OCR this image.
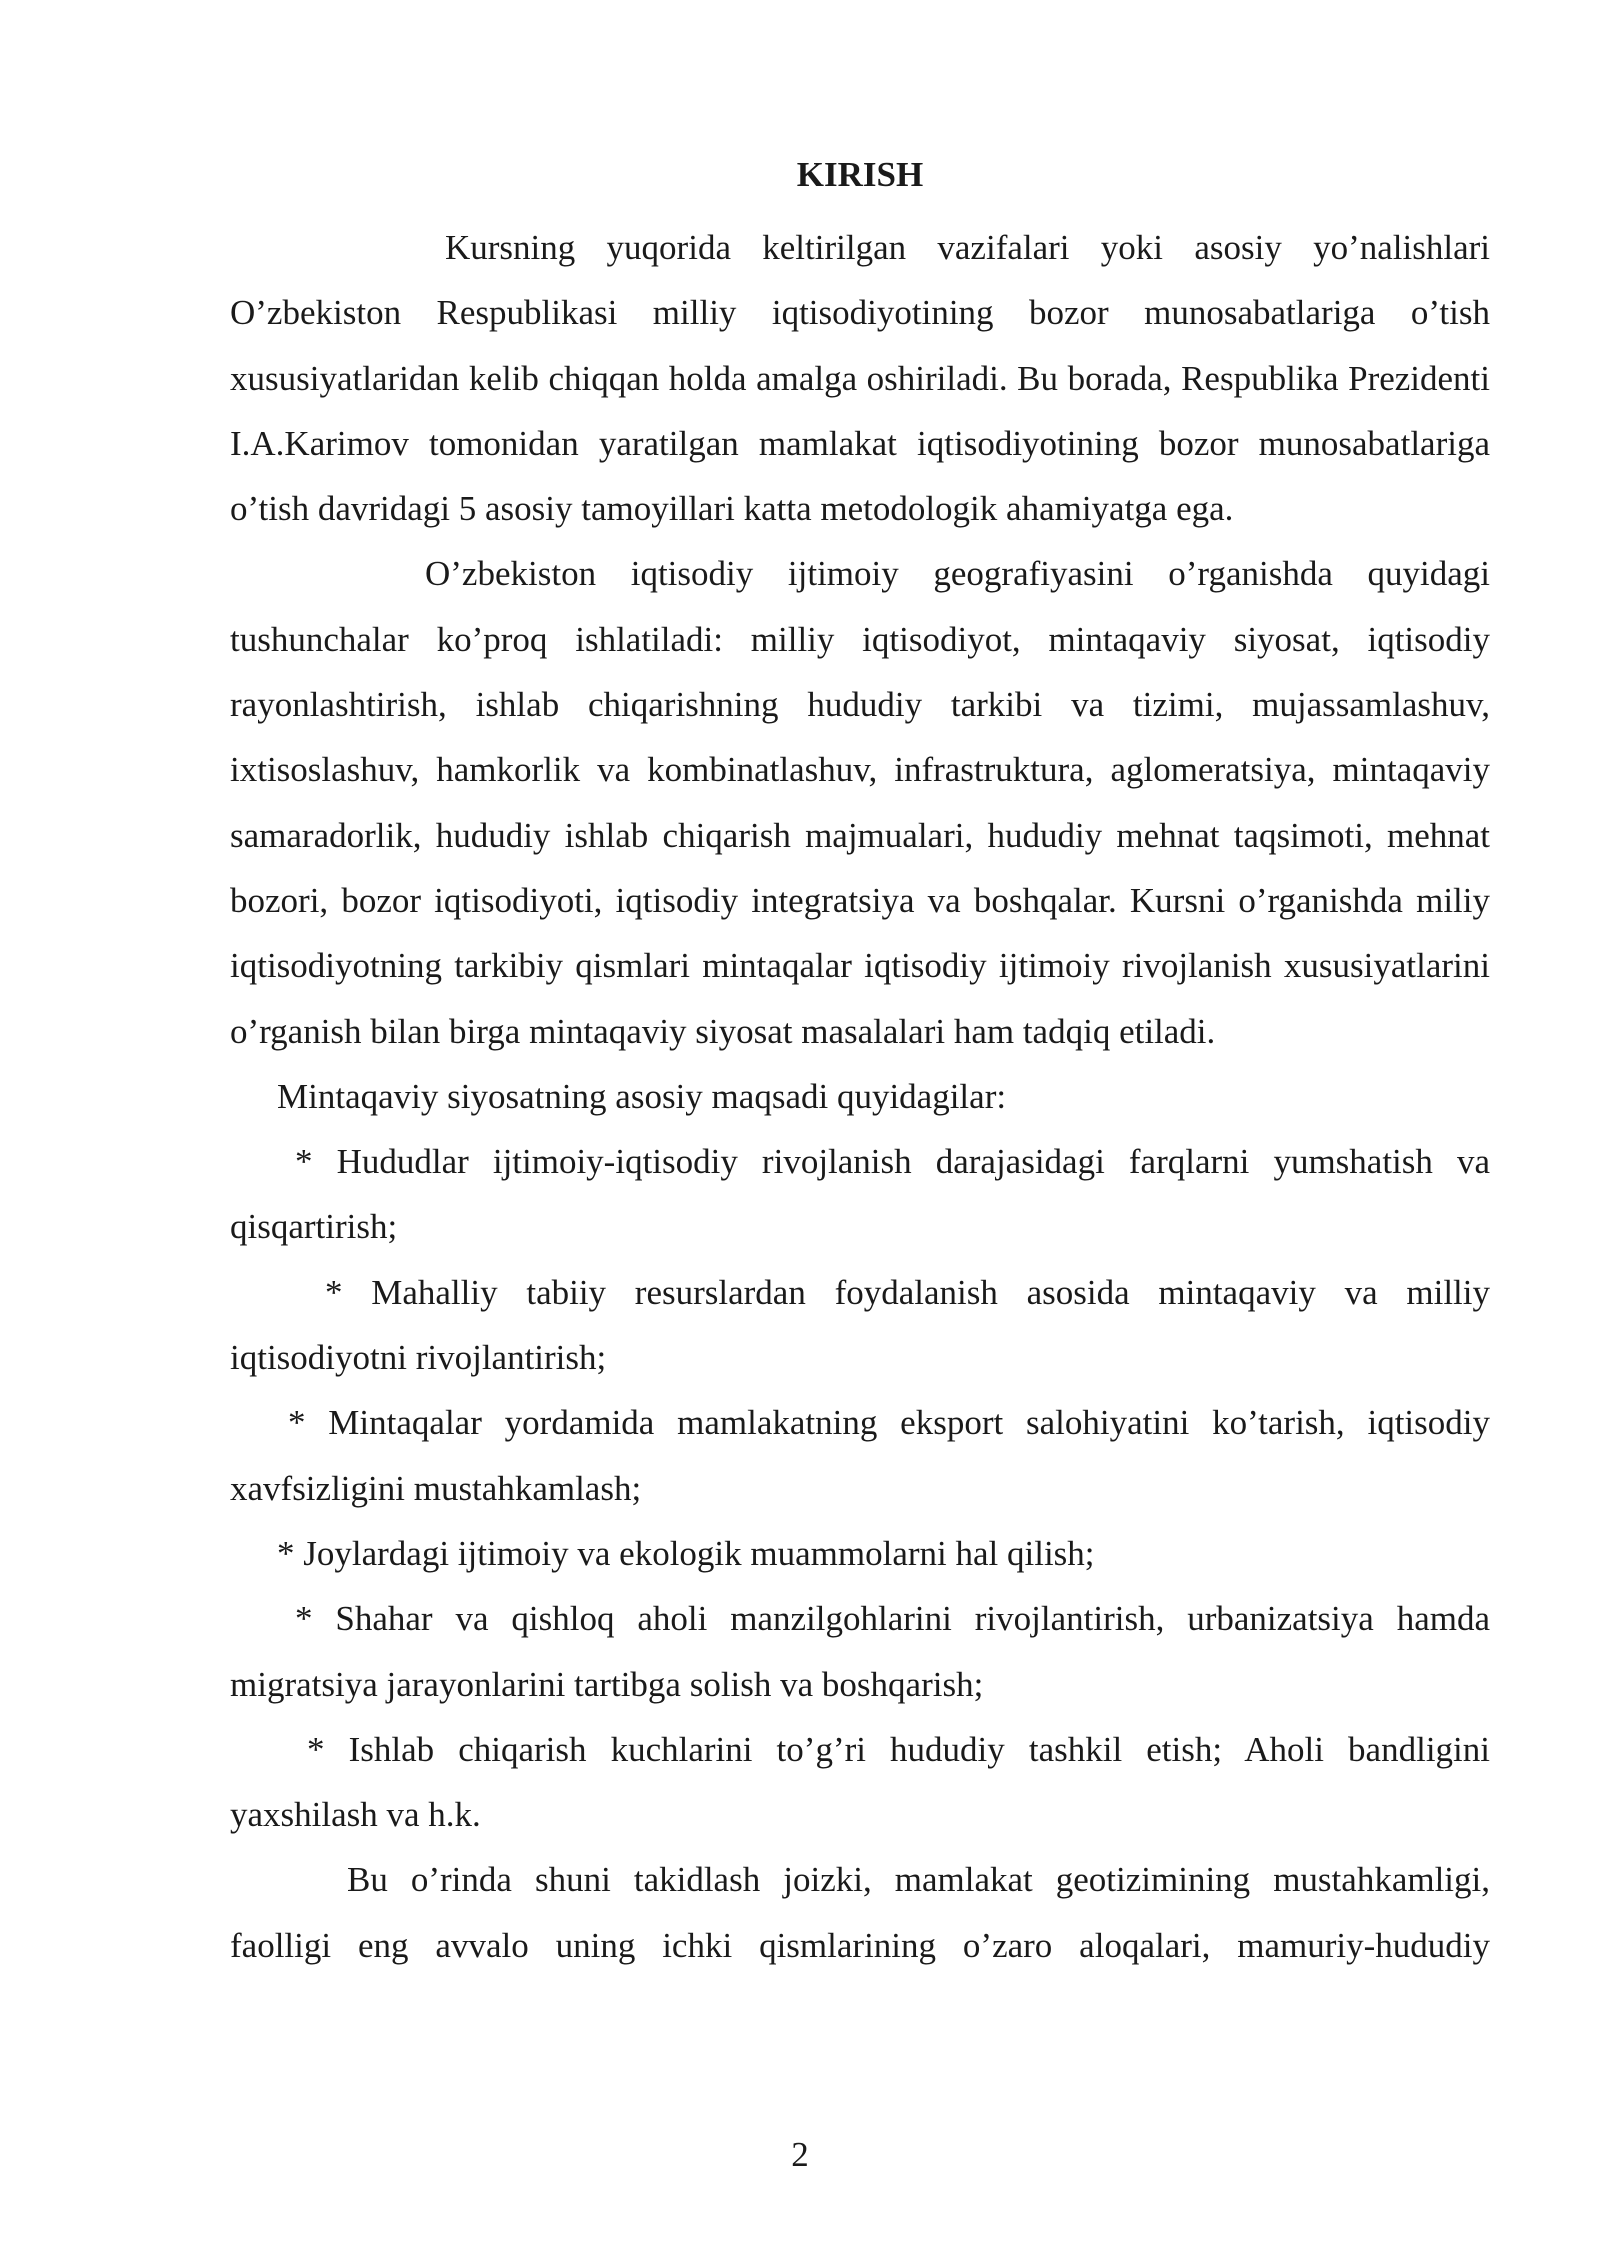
KIRISH

Kursning yuqorida keltirilgan vazifalari yoki asosiy yo’nalishlari O’zbekiston Respublikasi milliy iqtisodiyotining bozor munosabatlariga o’tish xususiyatlaridan kelib chiqqan holda amalga oshiriladi. Bu borada, Respublika Prezidenti I.A.Karimov tomonidan yaratilgan mamlakat iqtisodiyotining bozor munosabatlariga o’tish davridagi 5 asosiy tamoyillari katta metodologik ahamiyatga ega.

O’zbekiston iqtisodiy ijtimoiy geografiyasini o’rganishda quyidagi tushunchalar ko’proq ishlatiladi: milliy iqtisodiyot, mintaqaviy siyosat, iqtisodiy rayonlashtirish, ishlab chiqarishning hududiy tarkibi va tizimi, mujassamlashuv, ixtisoslashuv, hamkorlik va kombinatlashuv, infrastruktura, aglomeratsiya, mintaqaviy samaradorlik, hududiy ishlab chiqarish majmualari, hududiy mehnat taqsimoti, mehnat bozori, bozor iqtisodiyoti, iqtisodiy integratsiya va boshqalar. Kursni o’rganishda miliy iqtisodiyotning tarkibiy qismlari mintaqalar iqtisodiy ijtimoiy rivojlanish xususiyatlarini o’rganish bilan birga mintaqaviy siyosat masalalari ham tadqiq etiladi.

Mintaqaviy siyosatning asosiy maqsadi quyidagilar:

* Hududlar ijtimoiy-iqtisodiy rivojlanish darajasidagi farqlarni yumshatish va qisqartirish;

* Mahalliy tabiiy resurslardan foydalanish asosida mintaqaviy va milliy iqtisodiyotni rivojlantirish;

* Mintaqalar yordamida mamlakatning eksport salohiyatini ko’tarish, iqtisodiy xavfsizligini mustahkamlash;

* Joylardagi ijtimoiy va ekologik muammolarni hal qilish;

* Shahar va qishloq aholi manzilgohlarini rivojlantirish, urbanizatsiya hamda migratsiya jarayonlarini tartibga solish va boshqarish;

* Ishlab chiqarish kuchlarini to’g’ri hududiy tashkil etish; Aholi bandligini yaxshilash va h.k.

Bu o’rinda shuni takidlash joizki, mamlakat geotizimining mustahkamligi, faolligi eng avvalo uning ichki qismlarining o’zaro aloqalari, mamuriy-hududiy

2
